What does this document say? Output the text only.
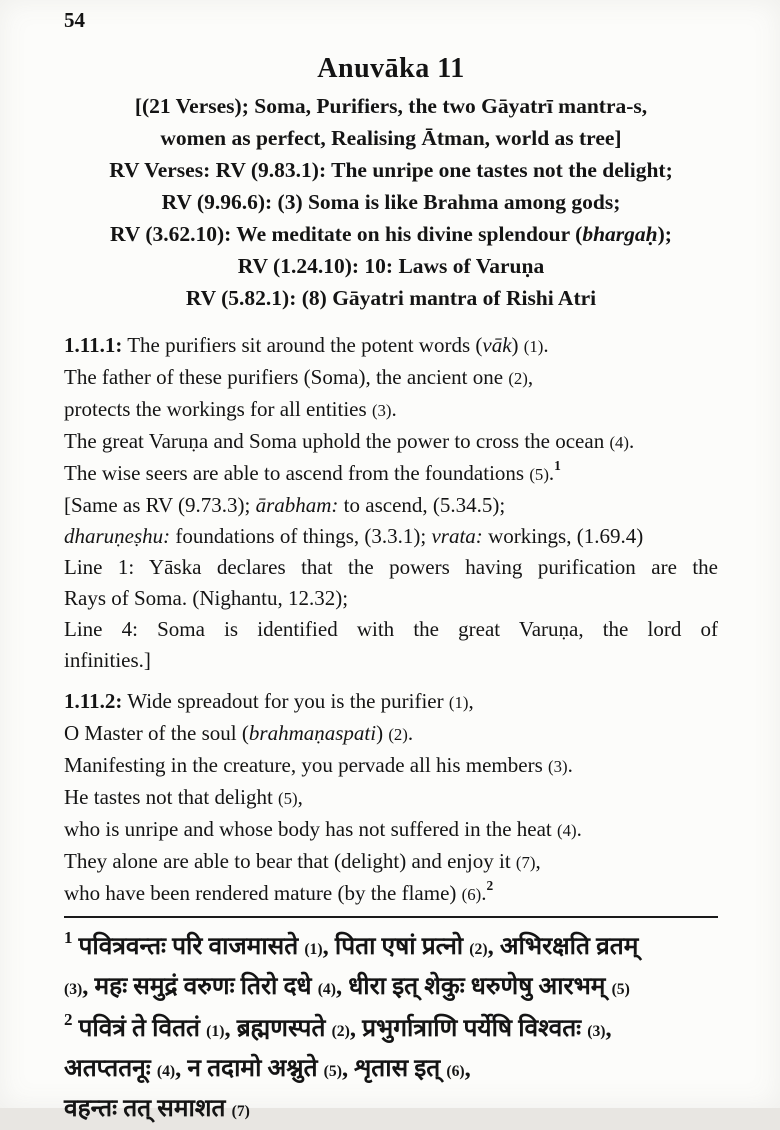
54
Anuvāka 11
[(21 Verses); Soma, Purifiers, the two Gāyatrī mantra-s,
women as perfect, Realising Ātman, world as tree]
RV Verses: RV (9.83.1): The unripe one tastes not the delight;
RV (9.96.6): (3) Soma is like Brahma among gods;
RV (3.62.10): We meditate on his divine splendour (bhargaḥ);
RV (1.24.10): 10: Laws of Varuṇa
RV (5.82.1): (8) Gāyatri mantra of Rishi Atri
1.11.1: The purifiers sit around the potent words (vāk) (1).
The father of these purifiers (Soma), the ancient one (2),
protects the workings for all entities (3).
The great Varuṇa and Soma uphold the power to cross the ocean (4).
The wise seers are able to ascend from the foundations (5).$^1$
[Same as RV (9.73.3); ārabham: to ascend, (5.34.5);
dharuṇeṣhu: foundations of things, (3.3.1); vrata: workings, (1.69.4)
Line 1: Yāska declares that the powers having purification are the
Rays of Soma. (Nighantu, 12.32);
Line 4: Soma is identified with the great Varuṇa, the lord of
infinities.]
1.11.2: Wide spreadout for you is the purifier (1),
O Master of the soul (brahmaṇaspati) (2).
Manifesting in the creature, you pervade all his members (3).
He tastes not that delight (5),
who is unripe and whose body has not suffered in the heat (4).
They alone are able to bear that (delight) and enjoy it (7),
who have been rendered mature (by the flame) (6).$^2$
$^1$ पवित्रवन्तः परि वाजमासते (1), पिता एषां प्रत्नो (2), अभिरक्षति व्रतम्
(3), महः समुद्रं वरुणः तिरो दधे (4), धीरा इत् शेकुः धरुणेषु आरभम् (5)
$^2$ पवित्रं ते विततं (1), ब्रह्मणस्पते (2), प्रभुर्गात्राणि पर्येषि विश्वतः (3),
अतप्ततनूः (4), न तदामो अश्नुते (5), शृतास इत् (6),
वहन्तः तत् समाशत (7)
